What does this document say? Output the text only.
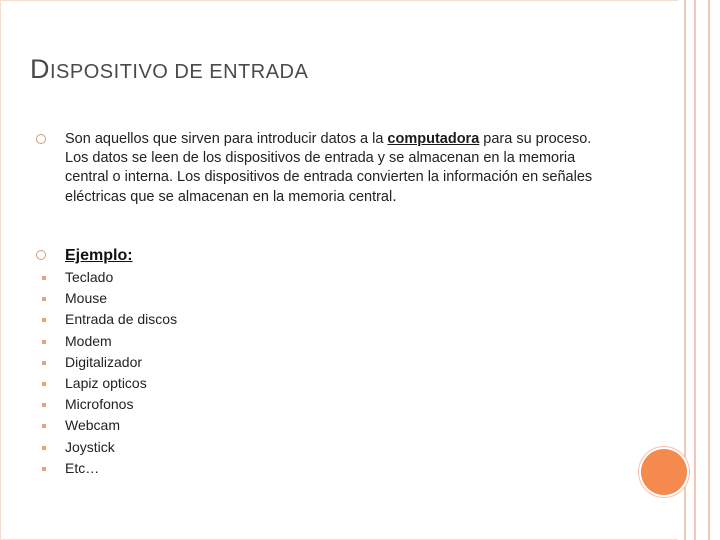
DISPOSITIVO DE ENTRADA
Son aquellos que sirven para introducir datos a la computadora para su proceso. Los datos se leen de los dispositivos de entrada y se almacenan en la memoria central o interna. Los dispositivos de entrada convierten la información en señales eléctricas que se almacenan en la memoria central.
Ejemplo:
Teclado
Mouse
Entrada de discos
Modem
Digitalizador
Lapiz opticos
Microfonos
Webcam
Joystick
Etc…
